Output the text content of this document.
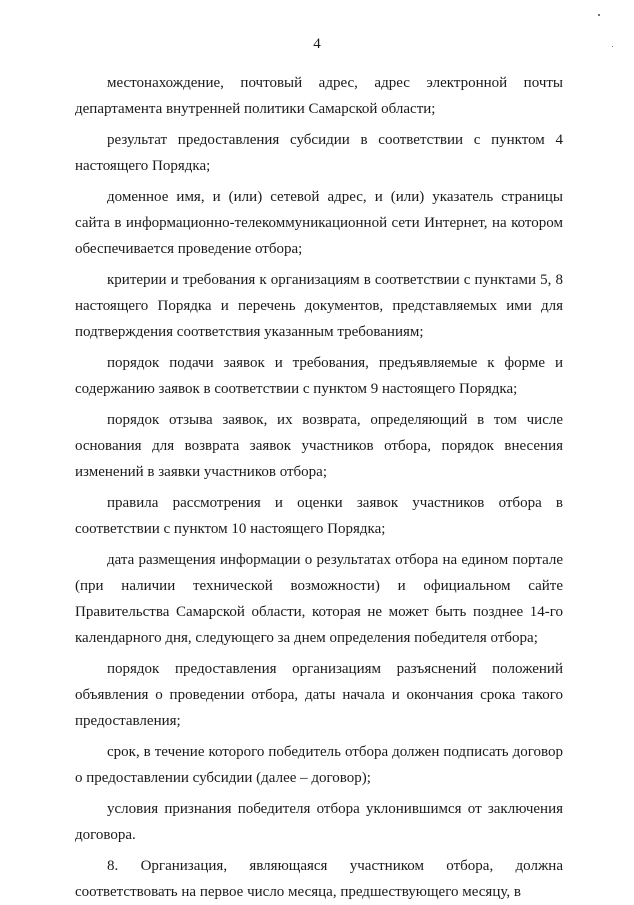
4

местонахождение, почтовый адрес, адрес электронной почты департамента внутренней политики Самарской области;

результат предоставления субсидии в соответствии с пунктом 4 настоящего Порядка;

доменное имя, и (или) сетевой адрес, и (или) указатель страницы сайта в информационно-телекоммуникационной сети Интернет, на котором обеспечивается проведение отбора;

критерии и требования к организациям в соответствии с пунктами 5, 8 настоящего Порядка и перечень документов, представляемых ими для подтверждения соответствия указанным требованиям;

порядок подачи заявок и требования, предъявляемые к форме и содержанию заявок в соответствии с пунктом 9 настоящего Порядка;

порядок отзыва заявок, их возврата, определяющий в том числе основания для возврата заявок участников отбора, порядок внесения изменений в заявки участников отбора;

правила рассмотрения и оценки заявок участников отбора в соответствии с пунктом 10 настоящего Порядка;

дата размещения информации о результатах отбора на едином портале (при наличии технической возможности) и официальном сайте Правительства Самарской области, которая не может быть позднее 14-го календарного дня, следующего за днем определения победителя отбора;

порядок предоставления организациям разъяснений положений объявления о проведении отбора, даты начала и окончания срока такого предоставления;

срок, в течение которого победитель отбора должен подписать договор о предоставлении субсидии (далее – договор);

условия признания победителя отбора уклонившимся от заключения договора.

8. Организация, являющаяся участником отбора, должна соответствовать на первое число месяца, предшествующего месяцу, в
